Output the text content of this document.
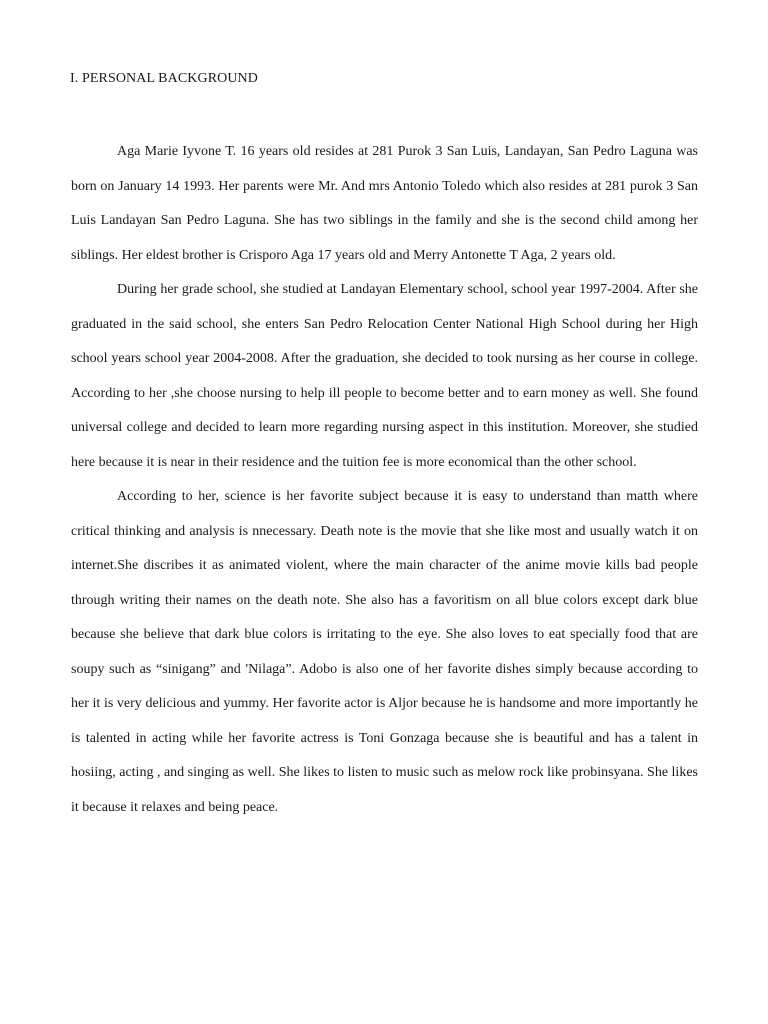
I. PERSONAL BACKGROUND

Aga Marie Iyvone T. 16 years old resides at 281 Purok 3 San Luis, Landayan, San Pedro Laguna was born on January 14 1993. Her parents were Mr. And mrs Antonio Toledo which also resides at 281 purok 3 San Luis Landayan San Pedro Laguna. She has two siblings in the family and she is the second child among her siblings. Her eldest brother is Crisporo Aga 17 years old and Merry Antonette T Aga, 2 years old.

During her grade school, she studied at Landayan Elementary school, school year 1997-2004. After she graduated in the said school, she enters San Pedro Relocation Center National High School during her High school years school year 2004-2008. After the graduation, she decided to took nursing as her course in college. According to her ,she choose nursing to help ill people to become better and to earn money as well. She found universal college and decided to learn more regarding nursing aspect in this institution. Moreover, she studied here because it is near in their residence and the tuition fee is more economical than the other school.

According to her, science is her favorite subject because it is easy to understand than matth where critical thinking and analysis is nnecessary. Death note is the movie that she like most and usually watch it on internet.She discribes it as animated violent, where the main character of the anime movie kills bad people through writing their names on the death note. She also has a favoritism on all blue colors except dark blue because she believe that dark blue colors is irritating to the eye. She also loves to eat specially food that are soupy such as “sinigang” and 'Nilaga”. Adobo is also one of her favorite dishes simply because according to her it is very delicious and yummy. Her favorite actor is Aljor because he is handsome and more importantly he is talented in acting while her favorite actress is Toni Gonzaga because she is beautiful and has a talent in hosiing, acting , and singing as well. She likes to listen to music such as melow rock like probinsyana. She likes it because it relaxes and being peace.
